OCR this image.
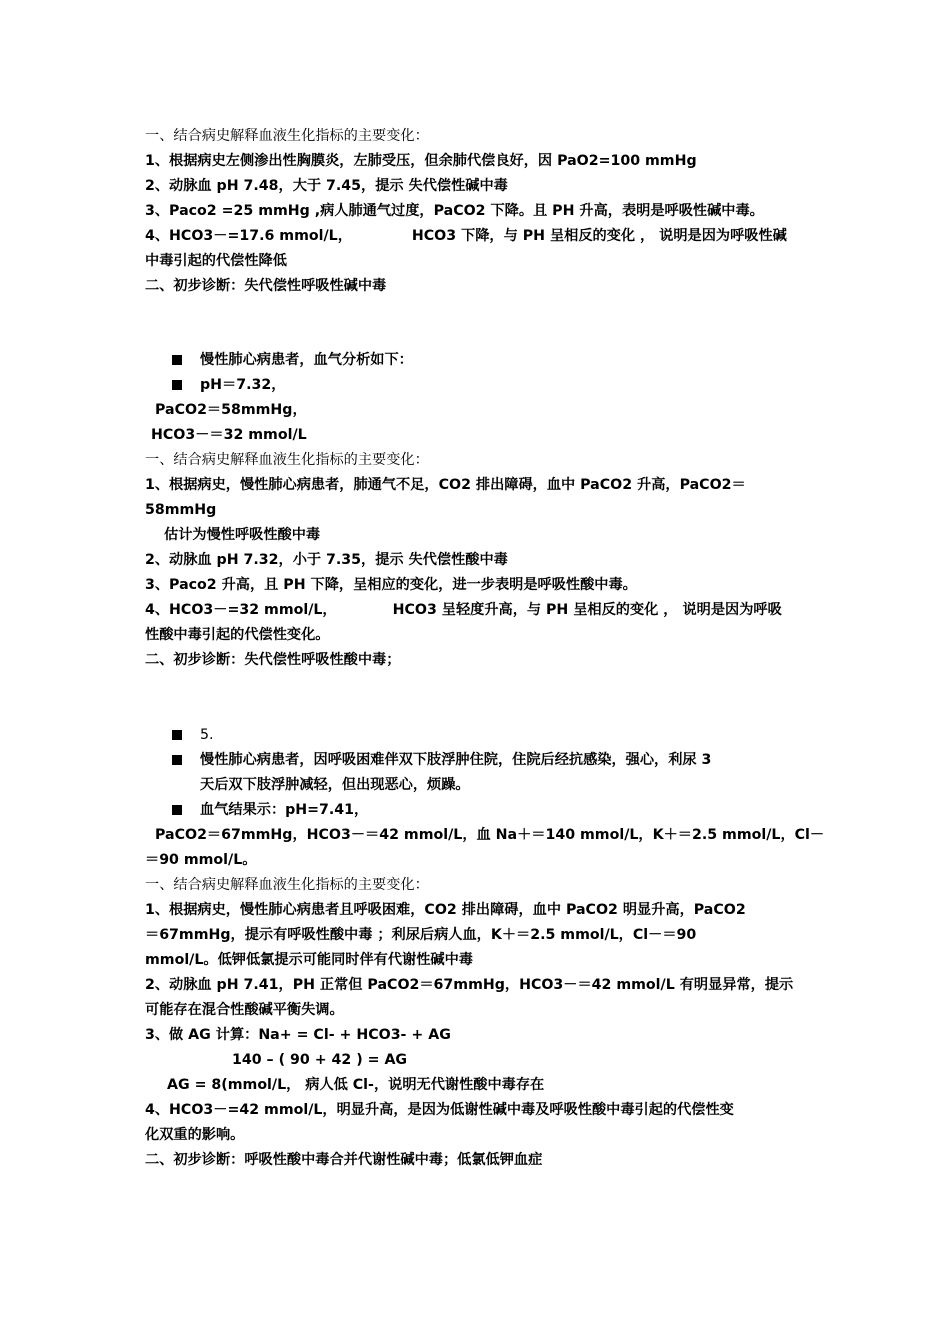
一、结合病史解释血液生化指标的主要变化：

1、根据病史左侧渗出性胸膜炎，左肺受压，但余肺代偿良好，因 PaO2=100 mmHg

2、动脉血 pH 7.48，大于 7.45，提示 失代偿性碱中毒

3、Paco2 =25 mmHg ,病人肺通气过度，PaCO2 下降。且 PH 升高，表明是呼吸性碱中毒。

4、HCO3－=17.6 mmol/L，	HCO3 下降，与 PH 呈相反的变化 ， 说明是因为呼吸性碱

中毒引起的代偿性降低

二、初步诊断：失代偿性呼吸性碱中毒

慢性肺心病患者，血气分析如下：

pH＝7.32，

PaCO2＝58mmHg，

HCO3－＝32 mmol/L

一、结合病史解释血液生化指标的主要变化：

1、根据病史，慢性肺心病患者，肺通气不足，CO2 排出障碍，血中 PaCO2 升高，PaCO2＝

58mmHg

估计为慢性呼吸性酸中毒

2、动脉血 pH 7.32，小于 7.35，提示 失代偿性酸中毒

3、Paco2 升高，且 PH 下降，呈相应的变化，进一步表明是呼吸性酸中毒。

4、HCO3－=32 mmol/L，	HCO3 呈轻度升高，与 PH 呈相反的变化 ， 说明是因为呼吸

性酸中毒引起的代偿性变化。

二、初步诊断：失代偿性呼吸性酸中毒；

5.

慢性肺心病患者，因呼吸困难伴双下肢浮肿住院，住院后经抗感染，强心，利尿 3

天后双下肢浮肿减轻，但出现恶心，烦躁。

血气结果示：pH=7.41，

PaCO2＝67mmHg，HCO3－＝42 mmol/L，血 Na＋＝140 mmol/L，K＋＝2.5 mmol/L，Cl－

＝90 mmol/L。

一、结合病史解释血液生化指标的主要变化：

1、根据病史，慢性肺心病患者且呼吸困难，CO2 排出障碍，血中 PaCO2 明显升高，PaCO2

＝67mmHg，提示有呼吸性酸中毒 ；利尿后病人血，K＋＝2.5 mmol/L，Cl－＝90

mmol/L。低钾低氯提示可能同时伴有代谢性碱中毒

2、动脉血 pH 7.41，PH 正常但 PaCO2＝67mmHg，HCO3－＝42 mmol/L 有明显异常，提示

可能存在混合性酸碱平衡失调。

3、做 AG 计算：Na+ = Cl- + HCO3- + AG

140 – ( 90 + 42 ) = AG

AG = 8(mmol/L， 病人低 Cl-，说明无代谢性酸中毒存在

4、HCO3－=42 mmol/L，明显升高，是因为低谢性碱中毒及呼吸性酸中毒引起的代偿性变

化双重的影响。

二、初步诊断：呼吸性酸中毒合并代谢性碱中毒；低氯低钾血症
